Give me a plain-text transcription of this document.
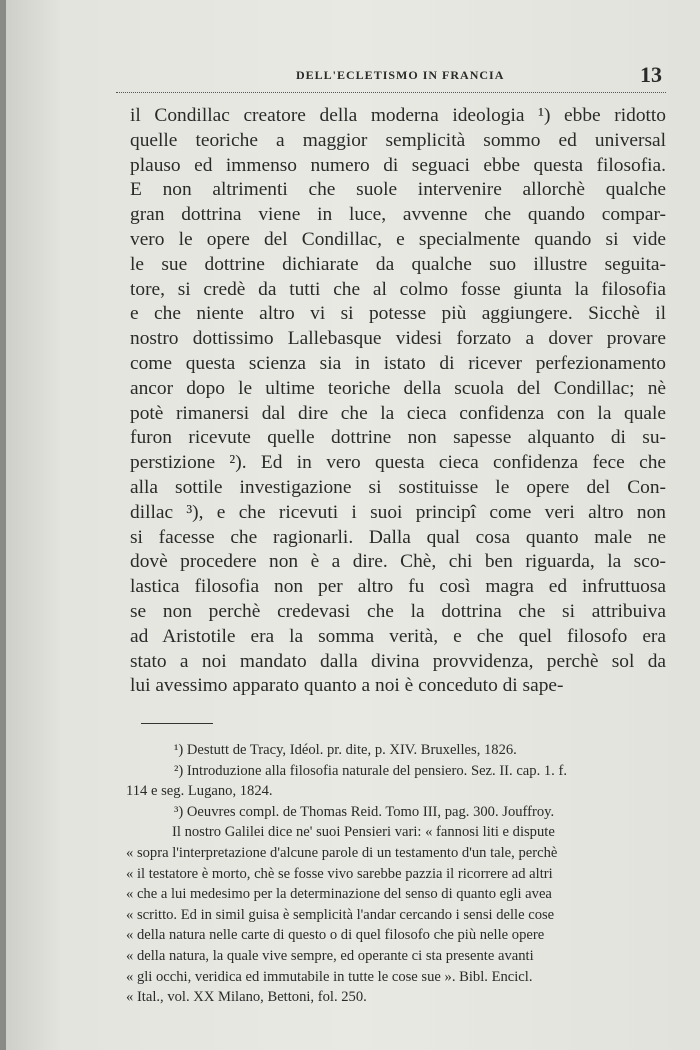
DELL'ECLETISMO IN FRANCIA	13
il Condillac creatore della moderna ideologia ¹) ebbe ridotto
quelle teoriche a maggior semplicità sommo ed universal
plauso ed immenso numero di seguaci ebbe questa filosofia.
E non altrimenti che suole intervenire allorchè qualche
gran dottrina viene in luce, avvenne che quando compar-
vero le opere del Condillac, e specialmente quando si vide
le sue dottrine dichiarate da qualche suo illustre seguita-
tore, si credè da tutti che al colmo fosse giunta la filosofia
e che niente altro vi si potesse più aggiungere. Sicchè il
nostro dottissimo Lallebasque videsi forzato a dover provare
come questa scienza sia in istato di ricever perfezionamento
ancor dopo le ultime teoriche della scuola del Condillac; nè
potè rimanersi dal dire che la cieca confidenza con la quale
furon ricevute quelle dottrine non sapesse alquanto di su-
perstizione ²). Ed in vero questa cieca confidenza fece che
alla sottile investigazione si sostituisse le opere del Con-
dillac ³), e che ricevuti i suoi principî come veri altro non
si facesse che ragionarli. Dalla qual cosa quanto male ne
dovè procedere non è a dire. Chè, chi ben riguarda, la sco-
lastica filosofia non per altro fu così magra ed infruttuosa
se non perchè credevasi che la dottrina che si attribuiva
ad Aristotile era la somma verità, e che quel filosofo era
stato a noi mandato dalla divina provvidenza, perchè sol da
lui avessimo apparato quanto a noi è conceduto di sape-
¹) Destutt de Tracy, Idéol. pr. dite, p. XIV. Bruxelles, 1826.
²) Introduzione alla filosofia naturale del pensiero. Sez. II. cap. 1. f.
114 e seg. Lugano, 1824.
³) Oeuvres compl. de Thomas Reid. Tomo III, pag. 300. Jouffroy.
Il nostro Galilei dice ne' suoi Pensieri vari: « fannosi liti e dispute
« sopra l'interpretazione d'alcune parole di un testamento d'un tale, perchè
« il testatore è morto, chè se fosse vivo sarebbe pazzia il ricorrere ad altri
« che a lui medesimo per la determinazione del senso di quanto egli avea
« scritto. Ed in simil guisa è semplicità l'andar cercando i sensi delle cose
« della natura nelle carte di questo o di quel filosofo che più nelle opere
« della natura, la quale vive sempre, ed operante ci sta presente avanti
« gli occhi, veridica ed immutabile in tutte le cose sue ». Bibl. Encicl.
« Ital., vol. XX Milano, Bettoni, fol. 250.
